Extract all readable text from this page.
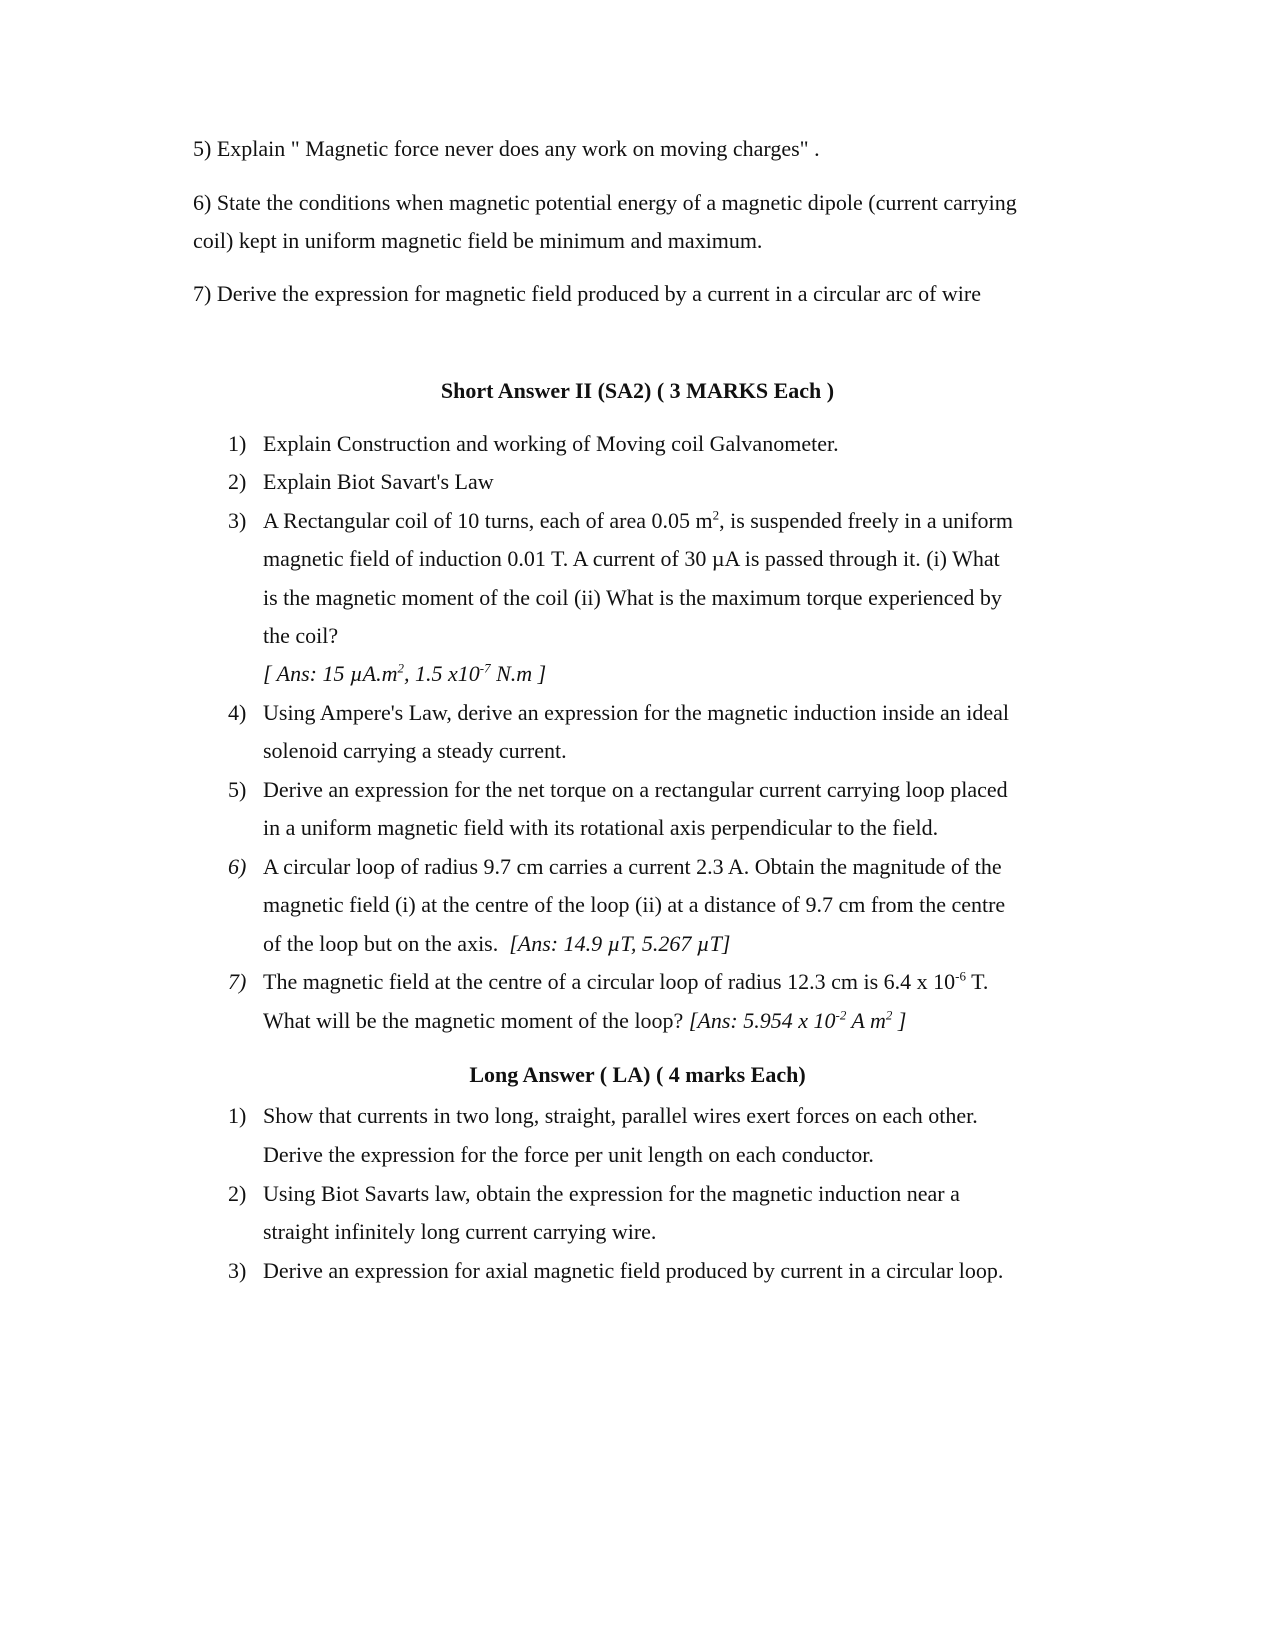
5) Explain " Magnetic force never does any work on moving charges" .
6) State the conditions when magnetic potential energy of a magnetic dipole (current carrying
coil) kept in uniform magnetic field be minimum and maximum.
7) Derive the expression for magnetic field produced by a current in a circular arc of wire
Short Answer II (SA2) ( 3 MARKS Each )
1) Explain Construction and working of Moving coil Galvanometer.
2) Explain Biot Savart's Law
3) A Rectangular coil of 10 turns, each of area 0.05 $m^2$, is suspended freely in a uniform
magnetic field of induction 0.01 T. A current of 30 µA is passed through it. (i) What
is the magnetic moment of the coil (ii) What is the maximum torque experienced by
the coil?
[ Ans: 15 $\mu A.m^2$, 1.5 $x10^{-7}$ N.m ]
4) Using Ampere's Law, derive an expression for the magnetic induction inside an ideal
solenoid carrying a steady current.
5) Derive an expression for the net torque on a rectangular current carrying loop placed
in a uniform magnetic field with its rotational axis perpendicular to the field.
6) A circular loop of radius 9.7 cm carries a current 2.3 A. Obtain the magnitude of the
magnetic field (i) at the centre of the loop (ii) at a distance of 9.7 cm from the centre
of the loop but on the axis.  [Ans: 14.9 µT, 5.267 µT]
7) The magnetic field at the centre of a circular loop of radius 12.3 cm is 6.4 x $10^{-6}$ T.
What will be the magnetic moment of the loop? [Ans: 5.954 x $10^{-2}$ A $m^2$ ]
Long Answer ( LA) ( 4 marks Each)
1) Show that currents in two long, straight, parallel wires exert forces on each other.
Derive the expression for the force per unit length on each conductor.
2) Using Biot Savarts law, obtain the expression for the magnetic induction near a
straight infinitely long current carrying wire.
3) Derive an expression for axial magnetic field produced by current in a circular loop.
